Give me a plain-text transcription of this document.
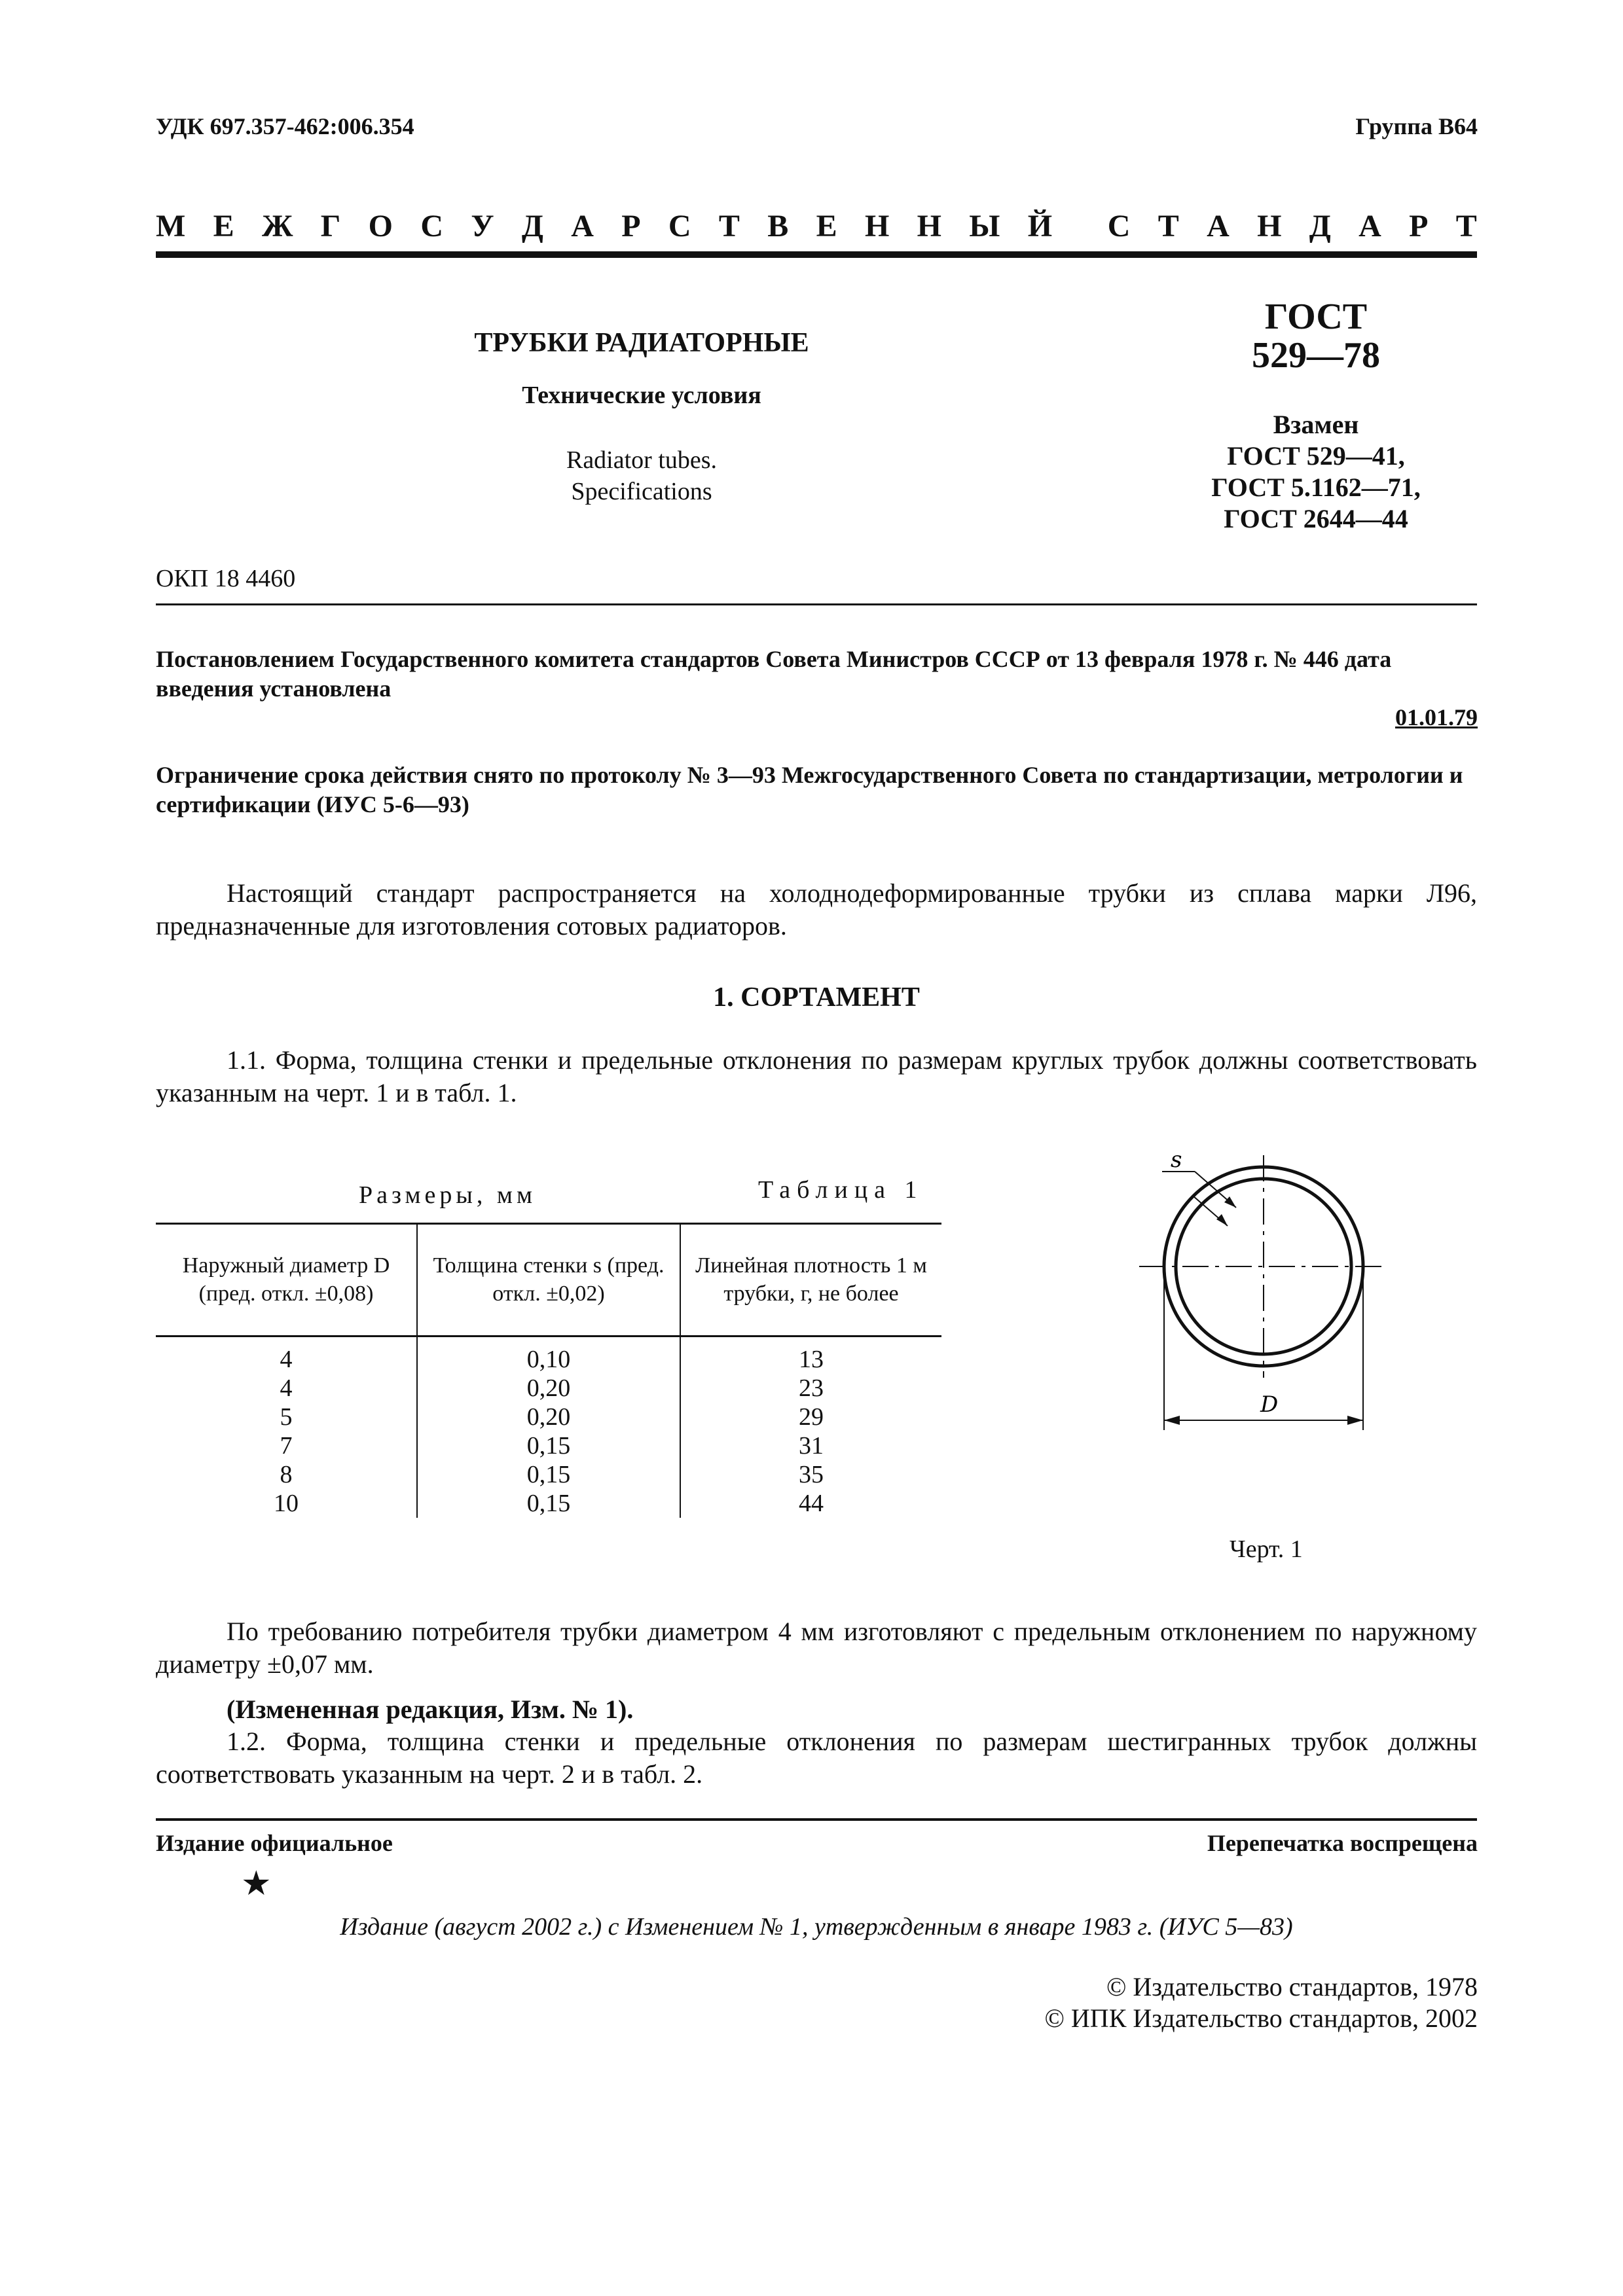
УДК 697.357-462:006.354	Группа В64
М Е Ж Г О С У Д А Р С Т В Е Н Н Ы Й С Т А Н Д А Р Т
ТРУБКИ РАДИАТОРНЫЕ
Технические условия
Radiator tubes.
Specifications
ГОСТ
529—78
Взамен
ГОСТ 529—41,
ГОСТ 5.1162—71,
ГОСТ 2644—44
ОКП 18 4460
Постановлением Государственного комитета стандартов Совета Министров СССР от 13 февраля 1978 г. № 446 дата введения установлена
01.01.79
Ограничение срока действия снято по протоколу № 3—93 Межгосударственного Совета по стандартизации, метрологии и сертификации (ИУС 5-6—93)
Настоящий стандарт распространяется на холоднодеформированные трубки из сплава марки Л96, предназначенные для изготовления сотовых радиаторов.
1. СОРТАМЕНТ
1.1. Форма, толщина стенки и предельные отклонения по размерам круглых трубок должны соответствовать указанным на черт. 1 и в табл. 1.
Размеры, мм	Таблица 1
Наружный диаметр D (пред. откл. ±0,08)	Толщина стенки s (пред. откл. ±0,02)	Линейная плотность 1 м трубки, г, не более
4	0,10	13
4	0,20	23
5	0,20	29
7	0,15	31
8	0,15	35
10	0,15	44
s
D
Черт. 1
По требованию потребителя трубки диаметром 4 мм изготовляют с предельным отклонением по наружному диаметру ±0,07 мм.
(Измененная редакция, Изм. № 1).
1.2. Форма, толщина стенки и предельные отклонения по размерам шестигранных трубок должны соответствовать указанным на черт. 2 и в табл. 2.
Издание официальное	Перепечатка воспрещена
★
Издание (август 2002 г.) с Изменением № 1, утвержденным в январе 1983 г. (ИУС 5—83)
© Издательство стандартов, 1978
© ИПК Издательство стандартов, 2002
